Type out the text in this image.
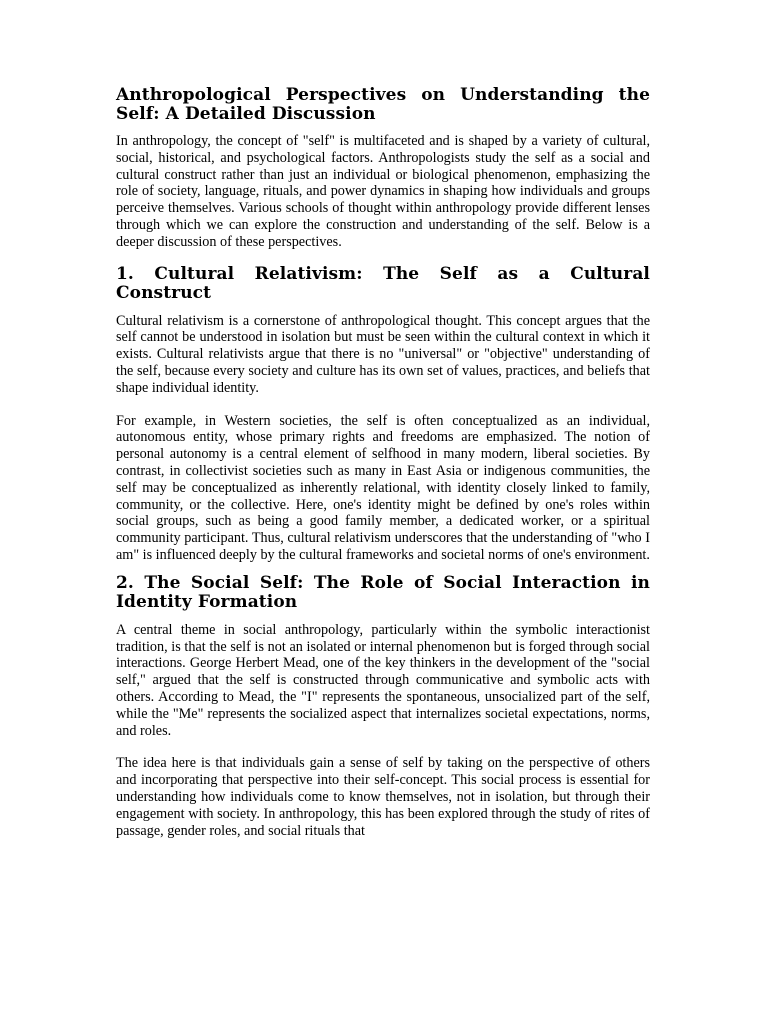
Anthropological Perspectives on Understanding the Self: A Detailed Discussion

In anthropology, the concept of "self" is multifaceted and is shaped by a variety of cultural, social, historical, and psychological factors. Anthropologists study the self as a social and cultural construct rather than just an individual or biological phenomenon, emphasizing the role of society, language, rituals, and power dynamics in shaping how individuals and groups perceive themselves. Various schools of thought within anthropology provide different lenses through which we can explore the construction and understanding of the self. Below is a deeper discussion of these perspectives.

1. Cultural Relativism: The Self as a Cultural Construct

Cultural relativism is a cornerstone of anthropological thought. This concept argues that the self cannot be understood in isolation but must be seen within the cultural context in which it exists. Cultural relativists argue that there is no "universal" or "objective" understanding of the self, because every society and culture has its own set of values, practices, and beliefs that shape individual identity.

For example, in Western societies, the self is often conceptualized as an individual, autonomous entity, whose primary rights and freedoms are emphasized. The notion of personal autonomy is a central element of selfhood in many modern, liberal societies. By contrast, in collectivist societies such as many in East Asia or indigenous communities, the self may be conceptualized as inherently relational, with identity closely linked to family, community, or the collective. Here, one's identity might be defined by one's roles within social groups, such as being a good family member, a dedicated worker, or a spiritual community participant. Thus, cultural relativism underscores that the understanding of "who I am" is influenced deeply by the cultural frameworks and societal norms of one's environment.

2. The Social Self: The Role of Social Interaction in Identity Formation

A central theme in social anthropology, particularly within the symbolic interactionist tradition, is that the self is not an isolated or internal phenomenon but is forged through social interactions. George Herbert Mead, one of the key thinkers in the development of the "social self," argued that the self is constructed through communicative and symbolic acts with others. According to Mead, the "I" represents the spontaneous, unsocialized part of the self, while the "Me" represents the socialized aspect that internalizes societal expectations, norms, and roles.

The idea here is that individuals gain a sense of self by taking on the perspective of others and incorporating that perspective into their self-concept. This social process is essential for understanding how individuals come to know themselves, not in isolation, but through their engagement with society. In anthropology, this has been explored through the study of rites of passage, gender roles, and social rituals that
